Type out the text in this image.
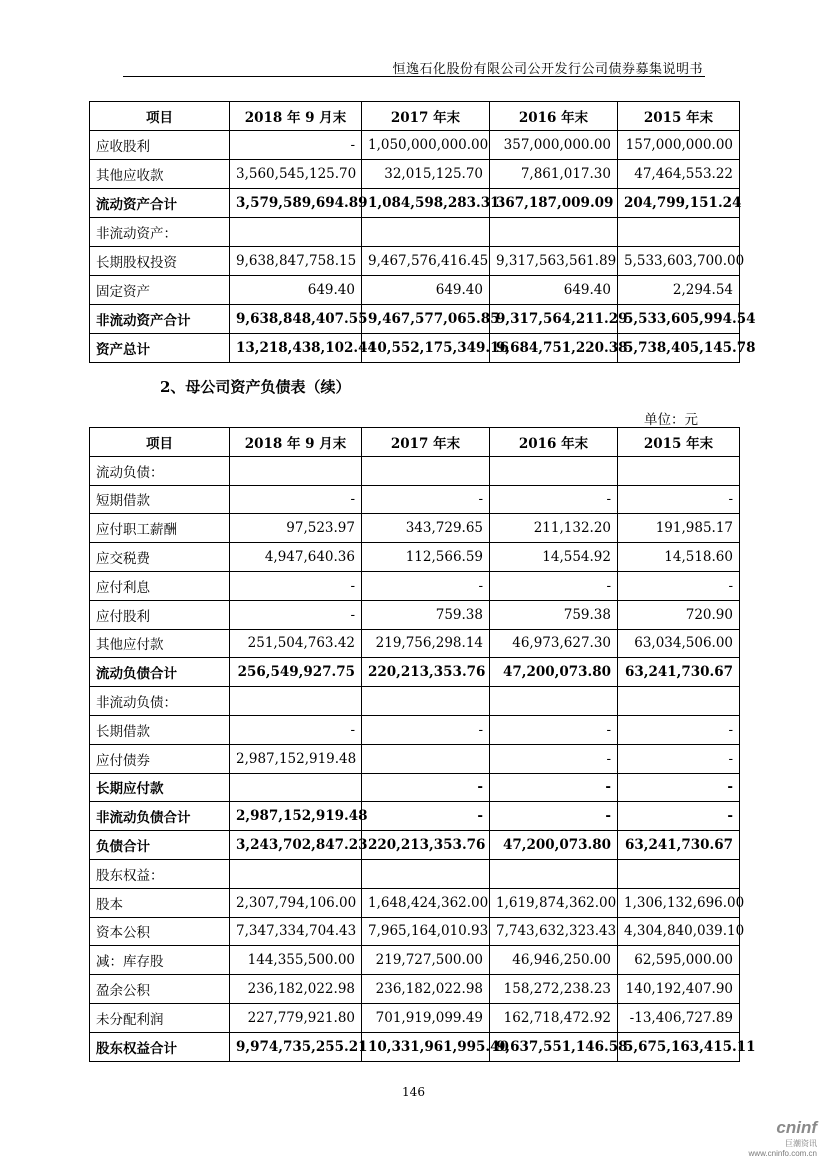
恒逸石化股份有限公司公开发行公司债券募集说明书
项目	2018 年 9 月末	2017 年末	2016 年末	2015 年末
应收股利	-	1,050,000,000.00	357,000,000.00	157,000,000.00
其他应收款	3,560,545,125.70	32,015,125.70	7,861,017.30	47,464,553.22
流动资产合计	3,579,589,694.89	1,084,598,283.31	367,187,009.09	204,799,151.24
非流动资产：				
长期股权投资	9,638,847,758.15	9,467,576,416.45	9,317,563,561.89	5,533,603,700.00
固定资产	649.40	649.40	649.40	2,294.54
非流动资产合计	9,638,848,407.55	9,467,577,065.85	9,317,564,211.29	5,533,605,994.54
资产总计	13,218,438,102.44	10,552,175,349.16	9,684,751,220.38	5,738,405,145.78
2、母公司资产负债表（续）
单位：元
项目	2018 年 9 月末	2017 年末	2016 年末	2015 年末
流动负债：				
短期借款	-	-	-	-
应付职工薪酬	97,523.97	343,729.65	211,132.20	191,985.17
应交税费	4,947,640.36	112,566.59	14,554.92	14,518.60
应付利息	-	-	-	-
应付股利	-	759.38	759.38	720.90
其他应付款	251,504,763.42	219,756,298.14	46,973,627.30	63,034,506.00
流动负债合计	256,549,927.75	220,213,353.76	47,200,073.80	63,241,730.67
非流动负债：				
长期借款	-	-	-	-
应付债券	2,987,152,919.48		-	-
长期应付款		-	-	-
非流动负债合计	2,987,152,919.48	-	-	-
负债合计	3,243,702,847.23	220,213,353.76	47,200,073.80	63,241,730.67
股东权益：				
股本	2,307,794,106.00	1,648,424,362.00	1,619,874,362.00	1,306,132,696.00
资本公积	7,347,334,704.43	7,965,164,010.93	7,743,632,323.43	4,304,840,039.10
减：库存股	144,355,500.00	219,727,500.00	46,946,250.00	62,595,000.00
盈余公积	236,182,022.98	236,182,022.98	158,272,238.23	140,192,407.90
未分配利润	227,779,921.80	701,919,099.49	162,718,472.92	-13,406,727.89
股东权益合计	9,974,735,255.21	10,331,961,995.40	9,637,551,146.58	5,675,163,415.11
146
cninf
巨潮资讯
www.cninfo.com.cn
